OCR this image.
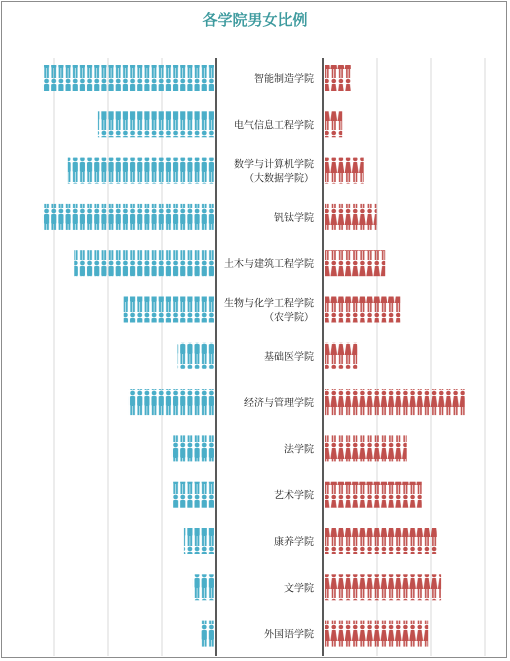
各学院男女比例
智能制造学院
电气信息工程学院
数学与计算机学院
（大数据学院）
钒钛学院
土木与建筑工程学院
生物与化学工程学院
（农学院）
基础医学院
经济与管理学院
法学院
艺术学院
康养学院
文学院
外国语学院
